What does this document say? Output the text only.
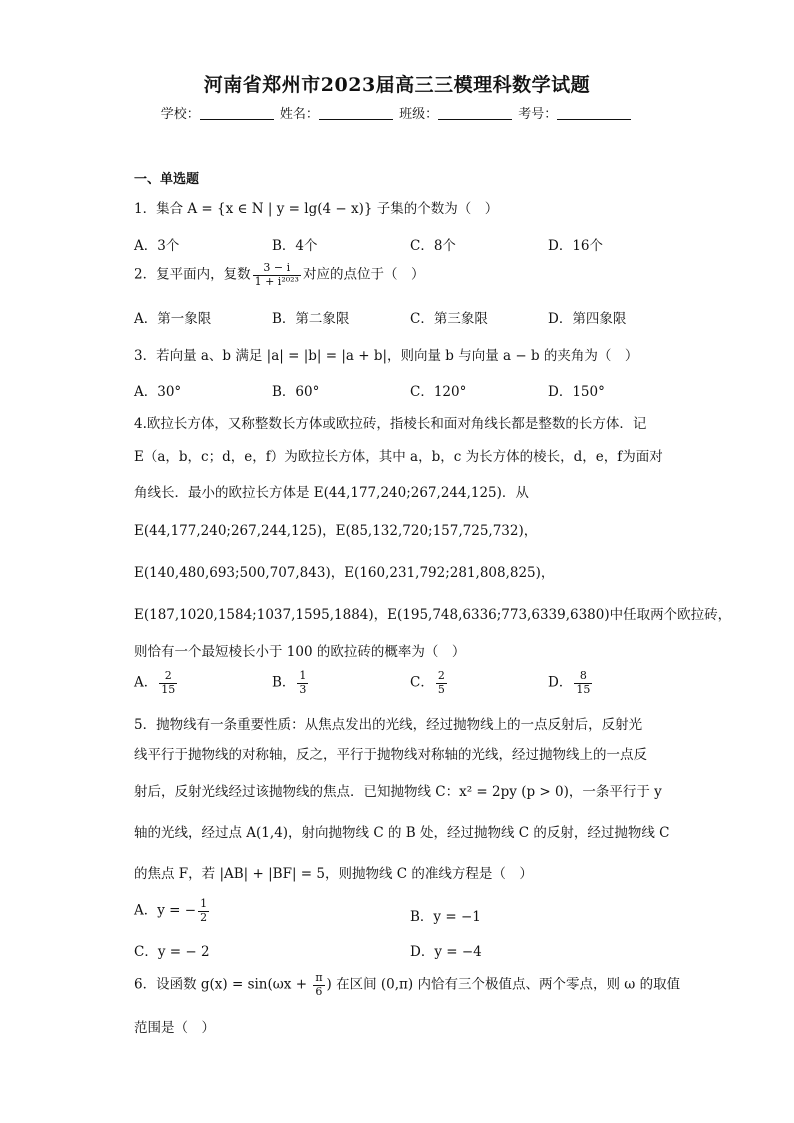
河南省郑州市2023届高三三模理科数学试题
学校：	姓名：	班级：	考号：
一、单选题
1．集合 A = {x ∈ N | y = lg(4 − x)} 子集的个数为（　）
A．3个	B．4个	C．8个	D．16个
2．复平面内，复数 $\frac{3 - i}{\text{1 + i²⁰²³}}$ 对应的点位于（　）
A．第一象限	B．第二象限	C．第三象限	D．第四象限
3．若向量 a、b 满足 |a| = |b| = |a + b|，则向量 b 与向量 a − b 的夹角为（　）
A．30°	B．60°	C．120°	D．150°
4.欧拉长方体，又称整数长方体或欧拉砖，指棱长和面对角线长都是整数的长方体．记
E（a，b，c；d，e，f）为欧拉长方体，其中 a，b，c 为长方体的棱长，d，e，f为面对
角线长．最小的欧拉长方体是 E(44,177,240;267,244,125)．从
E(44,177,240;267,244,125)，E(85,132,720;157,725,732)，
E(140,480,693;500,707,843)，E(160,231,792;281,808,825)，
E(187,1020,1584;1037,1595,1884)，E(195,748,6336;773,6339,6380)中任取两个欧拉砖，
则恰有一个最短棱长小于 100 的欧拉砖的概率为（　）
A． $\frac{2}{15}$	B． $\frac{1}{3}$	C． $\frac{2}{5}$	D． $\frac{8}{15}$
5．抛物线有一条重要性质：从焦点发出的光线，经过抛物线上的一点反射后，反射光
线平行于抛物线的对称轴，反之，平行于抛物线对称轴的光线，经过抛物线上的一点反
射后，反射光线经过该抛物线的焦点．已知抛物线 C：x² = 2py (p > 0)，一条平行于 y
轴的光线，经过点 A(1,4)，射向抛物线 C 的 B 处，经过抛物线 C 的反射，经过抛物线 C
的焦点 F，若 |AB| + |BF| = 5，则抛物线 C 的准线方程是（　）
A．y = − $\frac{1}{2}$	B．y = −1
C．y = − 2	D．y = −4
6．设函数 $g(x) = \sin(\omega x + \frac{\pi}{6}$ ) 在区间 (0,π) 内恰有三个极值点、两个零点，则 ω 的取值
范围是（　）
